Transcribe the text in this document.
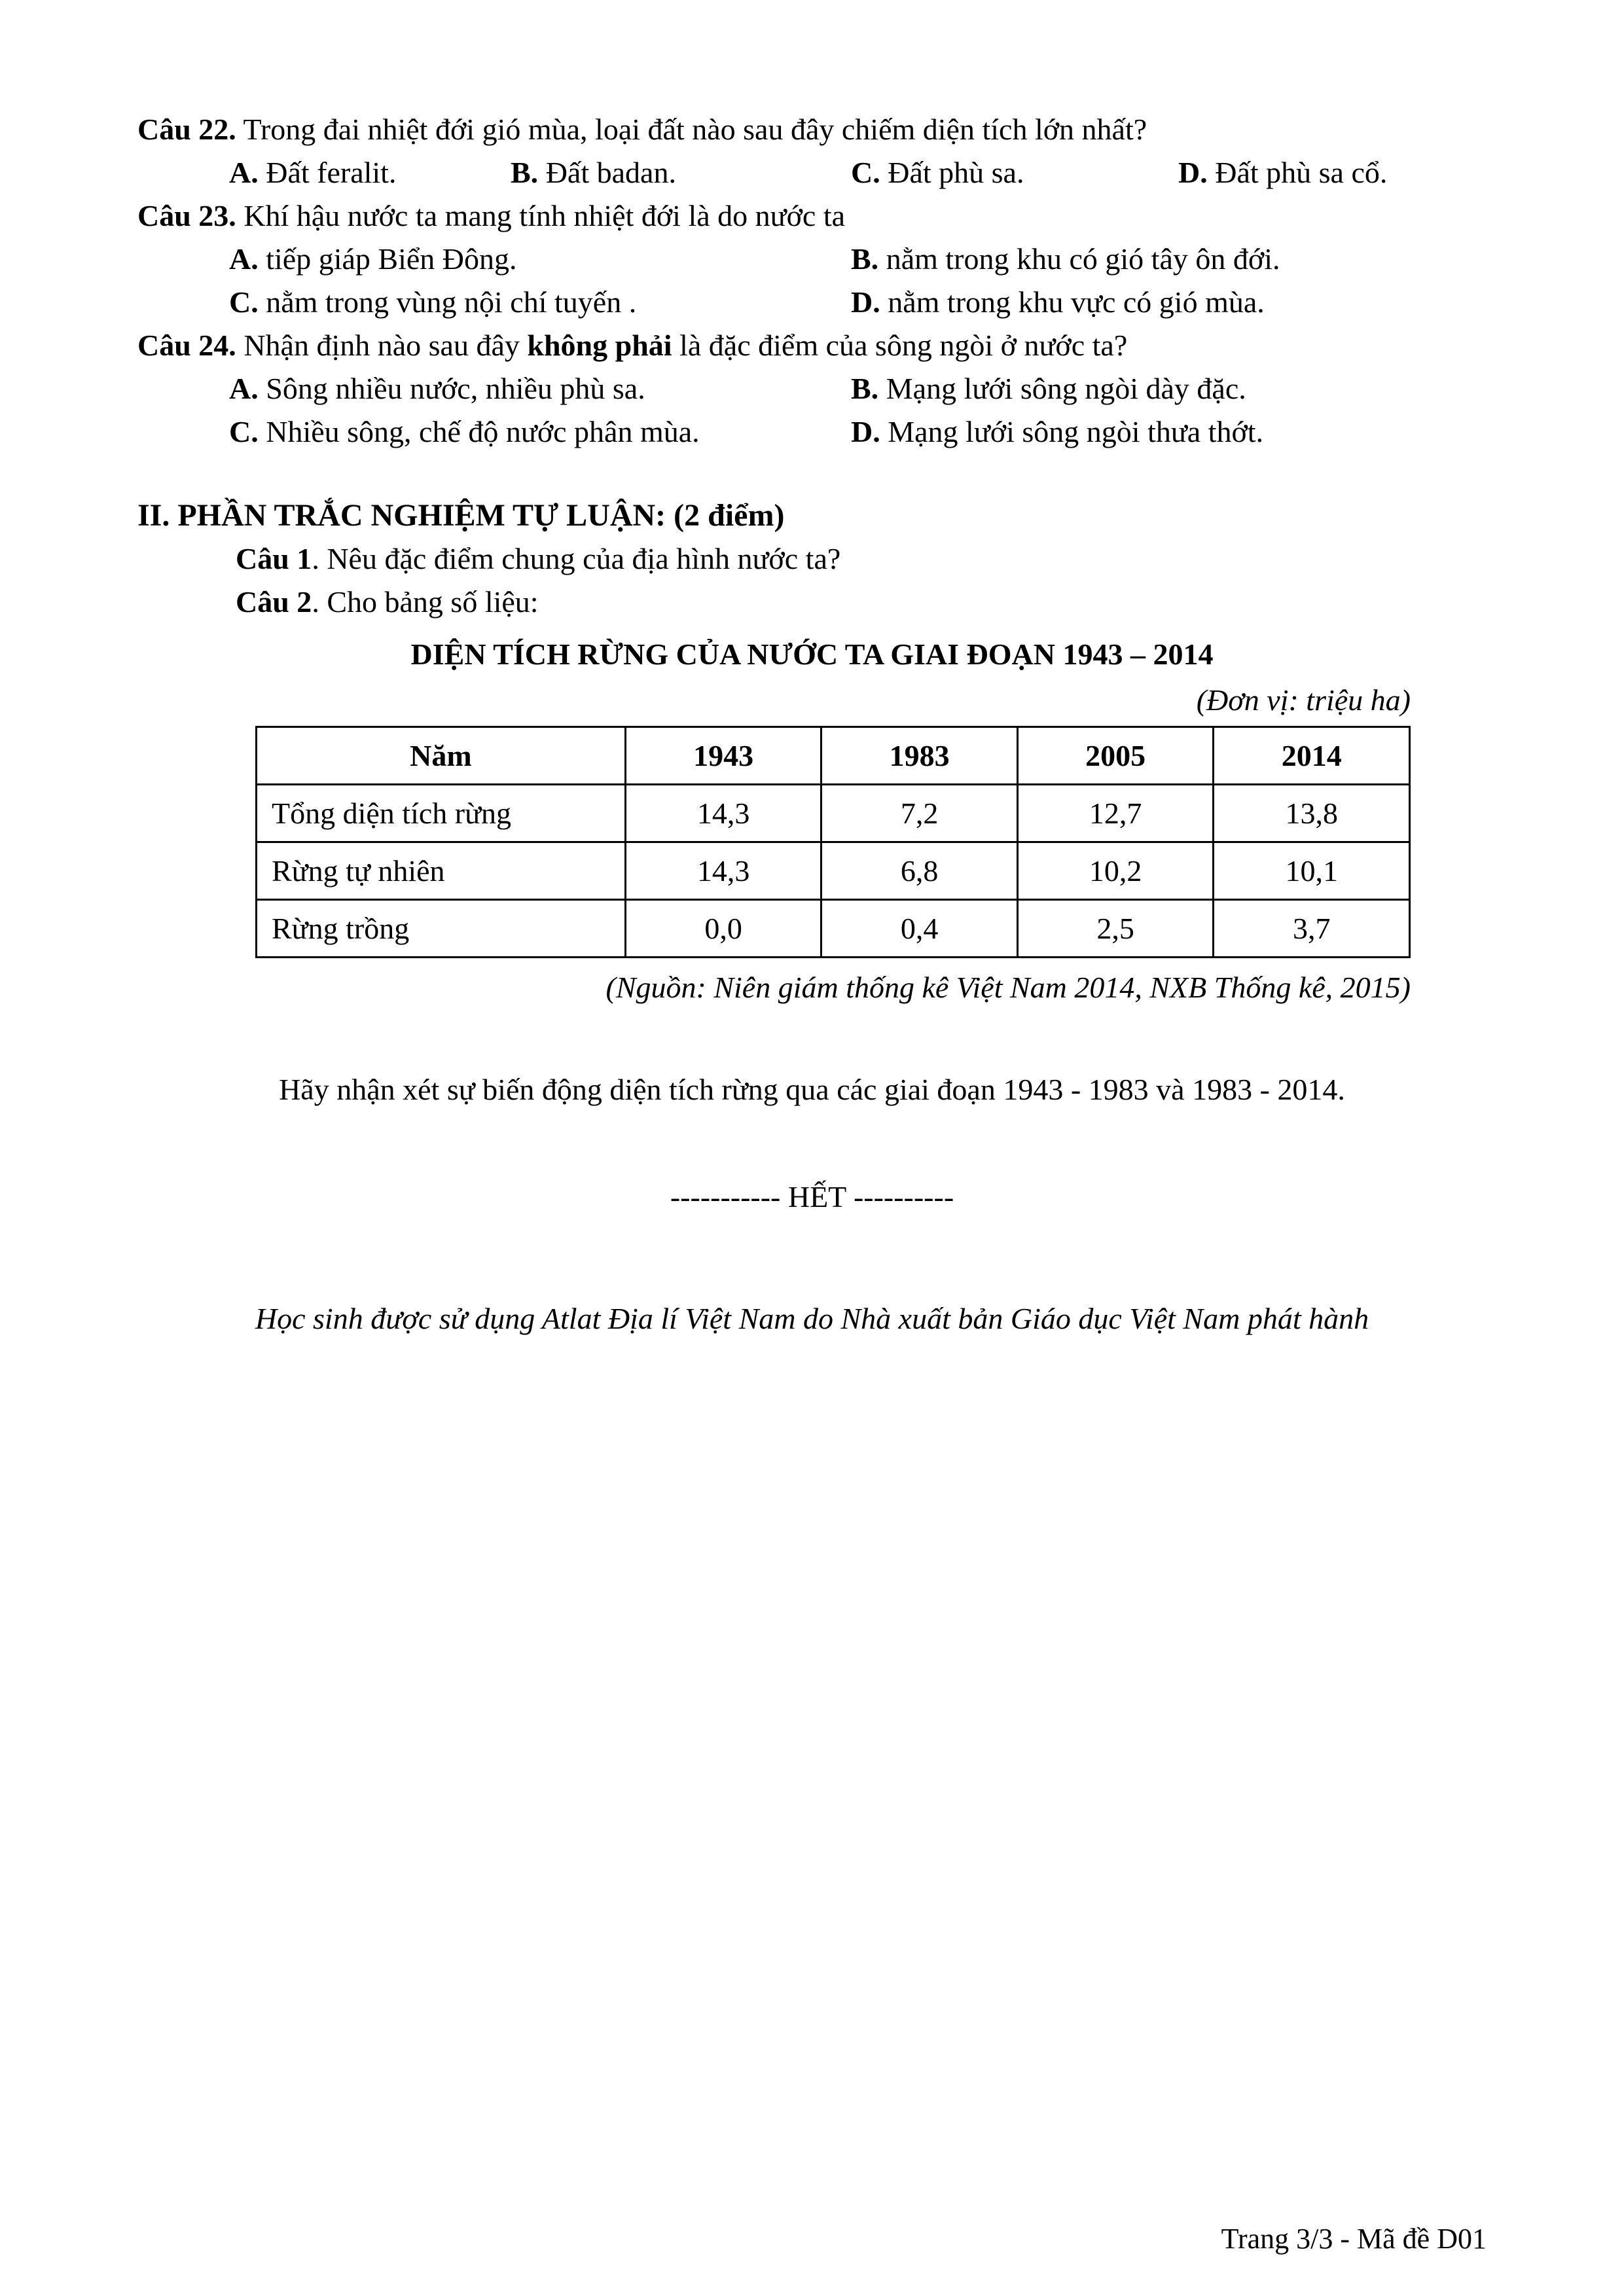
Câu 22. Trong đai nhiệt đới gió mùa, loại đất nào sau đây chiếm diện tích lớn nhất?

A. Đất feralit.	B. Đất badan.	C. Đất phù sa.	D. Đất phù sa cổ.

Câu 23. Khí hậu nước ta mang tính nhiệt đới là do nước ta

A. tiếp giáp Biển Đông.	B. nằm trong khu có gió tây ôn đới.
C. nằm trong vùng nội chí tuyến .	D. nằm trong khu vực có gió mùa.

Câu 24. Nhận định nào sau đây không phải là đặc điểm của sông ngòi ở nước ta?

A. Sông nhiều nước, nhiều phù sa.	B. Mạng lưới sông ngòi dày đặc.
C. Nhiều sông, chế độ nước phân mùa.	D. Mạng lưới sông ngòi thưa thớt.

II. PHẦN TRẮC NGHIỆM TỰ LUẬN: (2 điểm)

Câu 1. Nêu đặc điểm chung của địa hình nước ta?

Câu 2. Cho bảng số liệu:

DIỆN TÍCH RỪNG CỦA NƯỚC TA GIAI ĐOẠN 1943 – 2014

(Đơn vị: triệu ha)

Năm	1943	1983	2005	2014
Tổng diện tích rừng	14,3	7,2	12,7	13,8
Rừng tự nhiên	14,3	6,8	10,2	10,1
Rừng trồng	0,0	0,4	2,5	3,7

(Nguồn: Niên giám thống kê Việt Nam 2014, NXB Thống kê, 2015)

Hãy nhận xét sự biến động diện tích rừng qua các giai đoạn 1943 - 1983 và 1983 - 2014.

----------- HẾT ----------

Học sinh được sử dụng Atlat Địa lí Việt Nam do Nhà xuất bản Giáo dục Việt Nam phát hành

Trang 3/3 - Mã đề D01
